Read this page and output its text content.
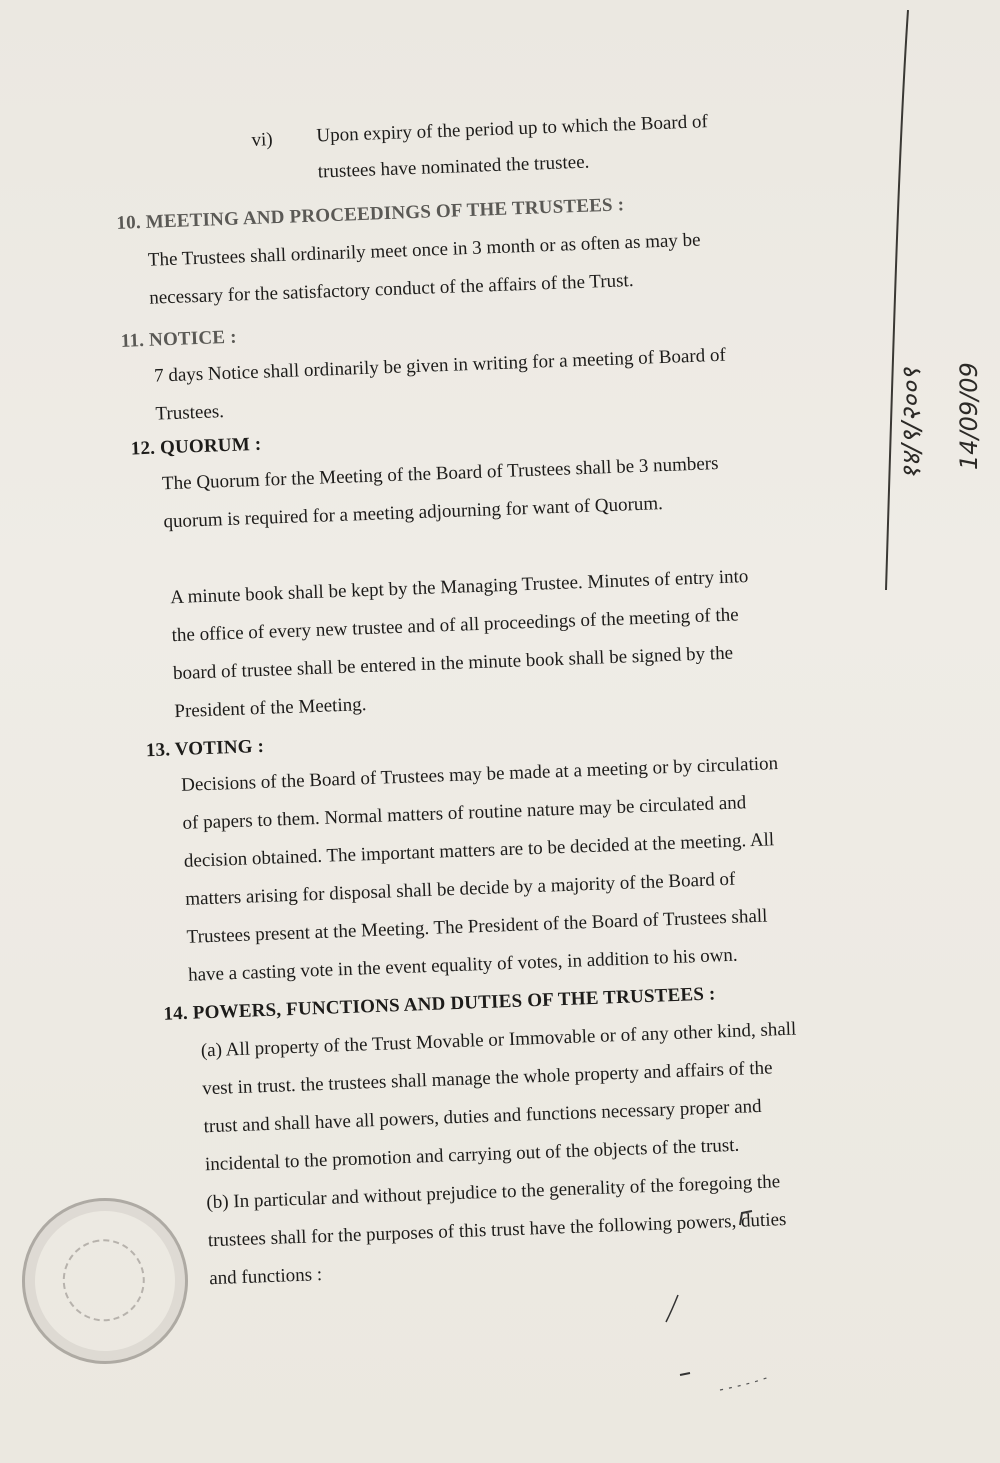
vi) Upon expiry of the period up to which the Board of
trustees have nominated the trustee.
10. MEETING AND PROCEEDINGS OF THE TRUSTEES :
The Trustees shall ordinarily meet once in 3 month or as often as may be
necessary for the satisfactory conduct of the affairs of the Trust.
11. NOTICE :
7 days Notice shall ordinarily be given in writing for a meeting of Board of
Trustees.
12. QUORUM :
The Quorum for the Meeting of the Board of Trustees shall be 3 numbers
quorum is required for a meeting adjourning for want of Quorum.
A minute book shall be kept by the Managing Trustee. Minutes of entry into
the office of every new trustee and of all proceedings of the meeting of the
board of trustee shall be entered in the minute book shall be signed by the
President of the Meeting.
13. VOTING :
Decisions of the Board of Trustees may be made at a meeting or by circulation
of papers to them. Normal matters of routine nature may be circulated and
decision obtained. The important matters are to be decided at the meeting. All
matters arising for disposal shall be decide by a majority of the Board of
Trustees present at the Meeting. The President of the Board of Trustees shall
have a casting vote in the event equality of votes, in addition to his own.
14. POWERS, FUNCTIONS AND DUTIES OF THE TRUSTEES :
(a) All property of the Trust Movable or Immovable or of any other kind, shall
vest in trust. the trustees shall manage the whole property and affairs of the
trust and shall have all powers, duties and functions necessary proper and
incidental to the promotion and carrying out of the objects of the trust.
(b) In particular and without prejudice to the generality of the foregoing the
trustees shall for the purposes of this trust have the following powers, duties
and functions :
१४/९/२००९ 14/09/09
